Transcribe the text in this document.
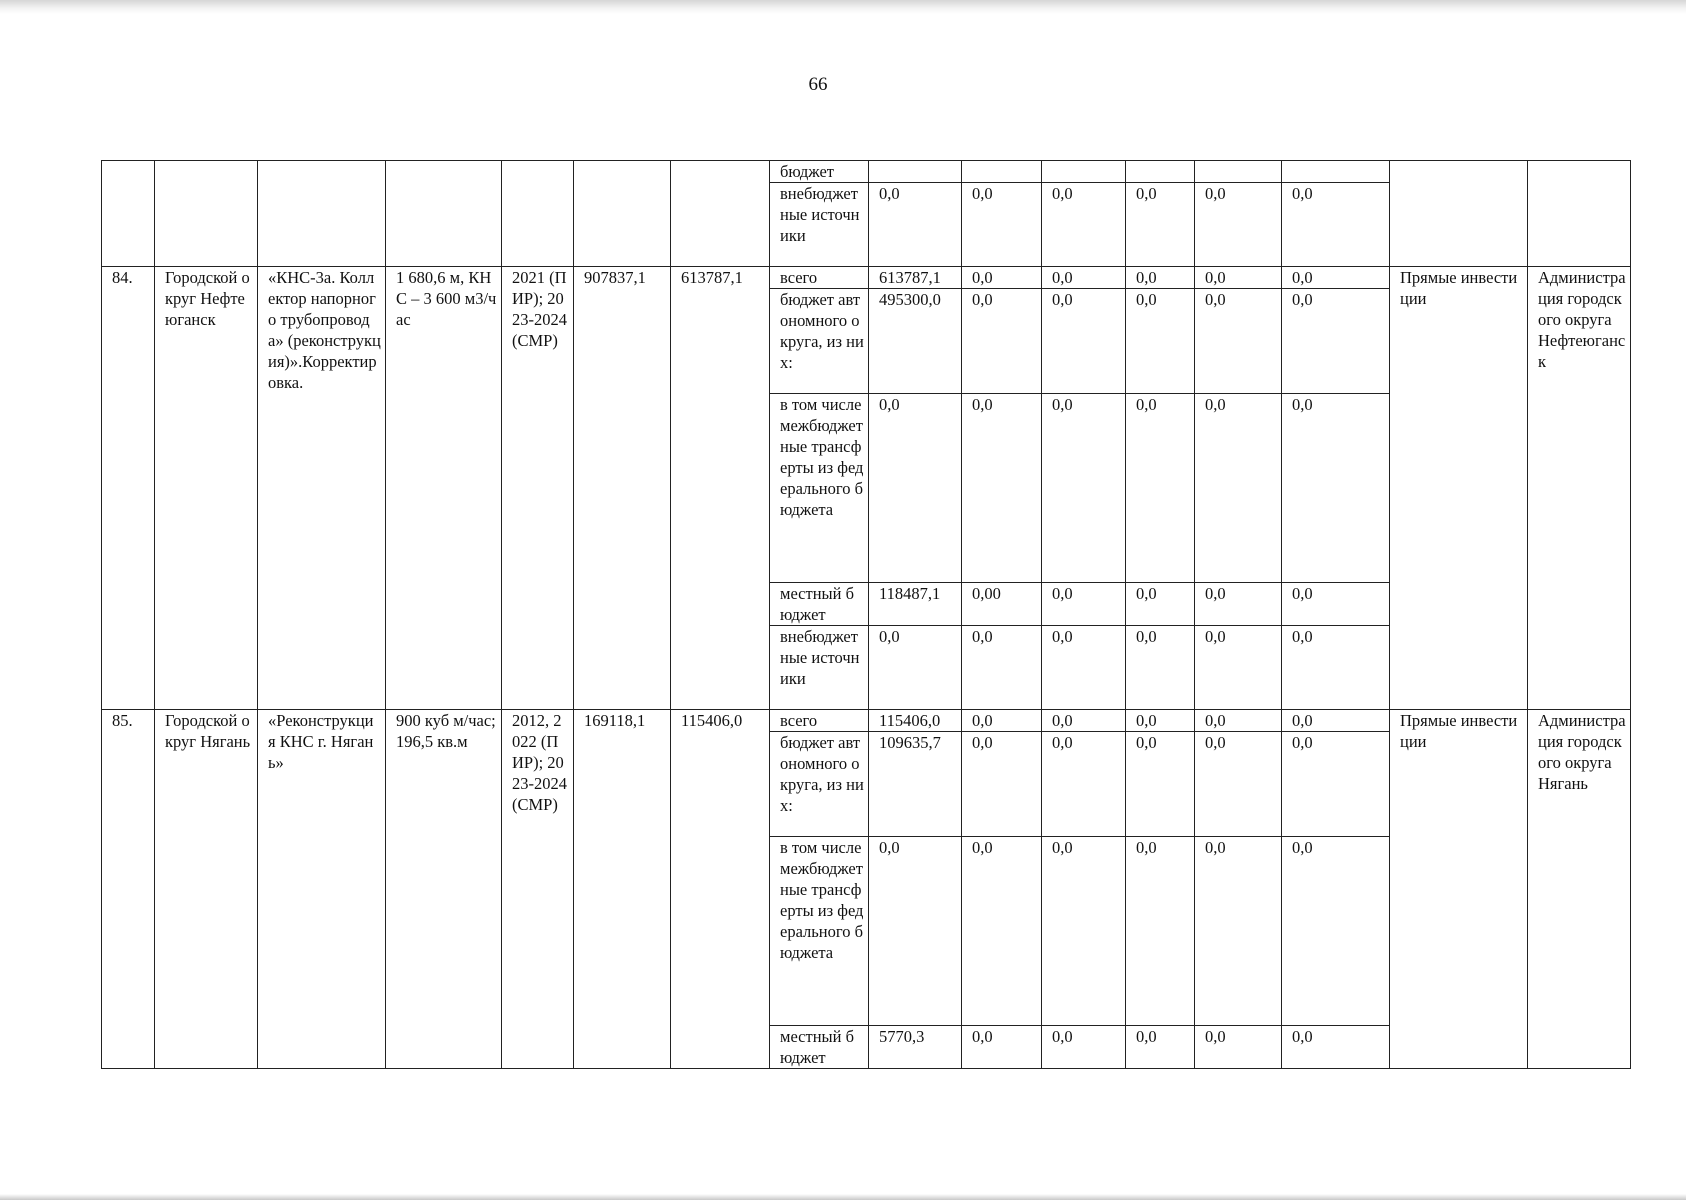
66
							бюджет								
							внебюджетные источники	0,0	0,0	0,0	0,0	0,0	0,0		
84.	Городской округ Нефтеюганск	«КНС-3а. Коллектор напорного трубопровода» (реконструкция)».Корректировка.	1 680,6 м, КНС – 3 600 м3/час	2021 (ПИР); 2023-2024 (СМР)	907837,1	613787,1	всего	613787,1	0,0	0,0	0,0	0,0	0,0	Прямые инвестиции	Администрация городского округа Нефтеюганск
							бюджет автономного округа, из них:	495300,0	0,0	0,0	0,0	0,0	0,0		
							в том числе межбюджетные трансферты из федерального бюджета	0,0	0,0	0,0	0,0	0,0	0,0		
							местный бюджет	118487,1	0,00	0,0	0,0	0,0	0,0		
							внебюджетные источники	0,0	0,0	0,0	0,0	0,0	0,0		
85.	Городской округ Нягань	«Реконструкция КНС г. Нягань»	900 куб м/час; 196,5 кв.м	2012, 2022 (ПИР); 2023-2024 (СМР)	169118,1	115406,0	всего	115406,0	0,0	0,0	0,0	0,0	0,0	Прямые инвестиции	Администрация городского округа Нягань
							бюджет автономного округа, из них:	109635,7	0,0	0,0	0,0	0,0	0,0		
							в том числе межбюджетные трансферты из федерального бюджета	0,0	0,0	0,0	0,0	0,0	0,0		
							местный бюджет	5770,3	0,0	0,0	0,0	0,0	0,0		
